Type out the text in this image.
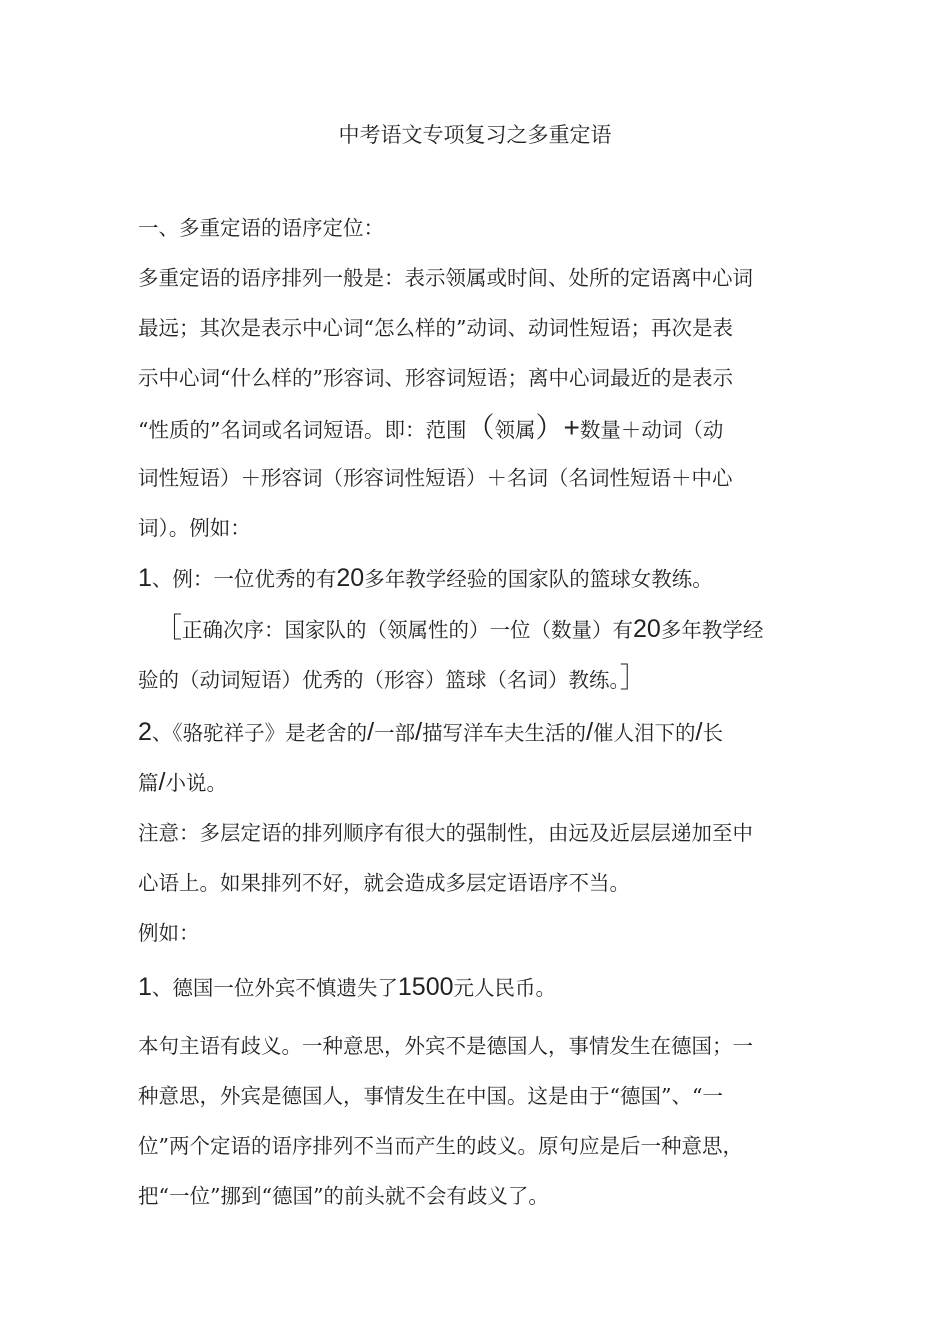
中考语文专项复习之多重定语
一、多重定语的语序定位：
多重定语的语序排列一般是：表示领属或时间、处所的定语离中心词
最远；其次是表示中心词“怎么样的”动词、动词性短语；再次是表
示中心词“什么样的”形容词、形容词短语；离中心词最近的是表示
“性质的”名词或名词短语。即：范围（领属）+数量＋动词（动
词性短语）＋形容词（形容词性短语）＋名词（名词性短语＋中心
词）。例如：
1、例：一位优秀的有20多年教学经验的国家队的篮球女教练。
［正确次序：国家队的（领属性的）一位（数量）有20多年教学经
验的（动词短语）优秀的（形容）篮球（名词）教练。］
2、《骆驼祥子》是老舍的/一部/描写洋车夫生活的/催人泪下的/长
篇/小说。
注意：多层定语的排列顺序有很大的强制性，由远及近层层递加至中
心语上。如果排列不好，就会造成多层定语语序不当。
例如：
1、德国一位外宾不慎遗失了1500元人民币。
本句主语有歧义。一种意思，外宾不是德国人，事情发生在德国；一
种意思，外宾是德国人，事情发生在中国。这是由于“德国”、“一
位”两个定语的语序排列不当而产生的歧义。原句应是后一种意思，
把“一位”挪到“德国”的前头就不会有歧义了。
